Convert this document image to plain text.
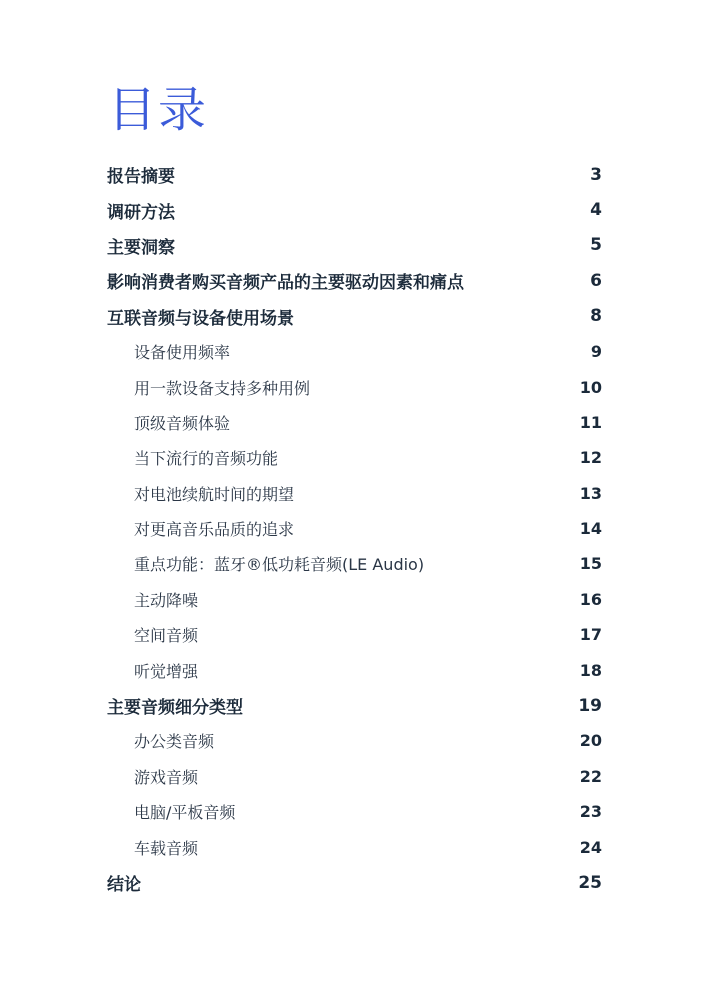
目录
报告摘要	3
调研方法	4
主要洞察	5
影响消费者购买音频产品的主要驱动因素和痛点	6
互联音频与设备使用场景	8
设备使用频率	9
用一款设备支持多种用例	10
顶级音频体验	11
当下流行的音频功能	12
对电池续航时间的期望	13
对更高音乐品质的追求	14
重点功能：蓝牙®低功耗音频(LE Audio)	15
主动降噪	16
空间音频	17
听觉增强	18
主要音频细分类型	19
办公类音频	20
游戏音频	22
电脑/平板音频	23
车载音频	24
结论	25
